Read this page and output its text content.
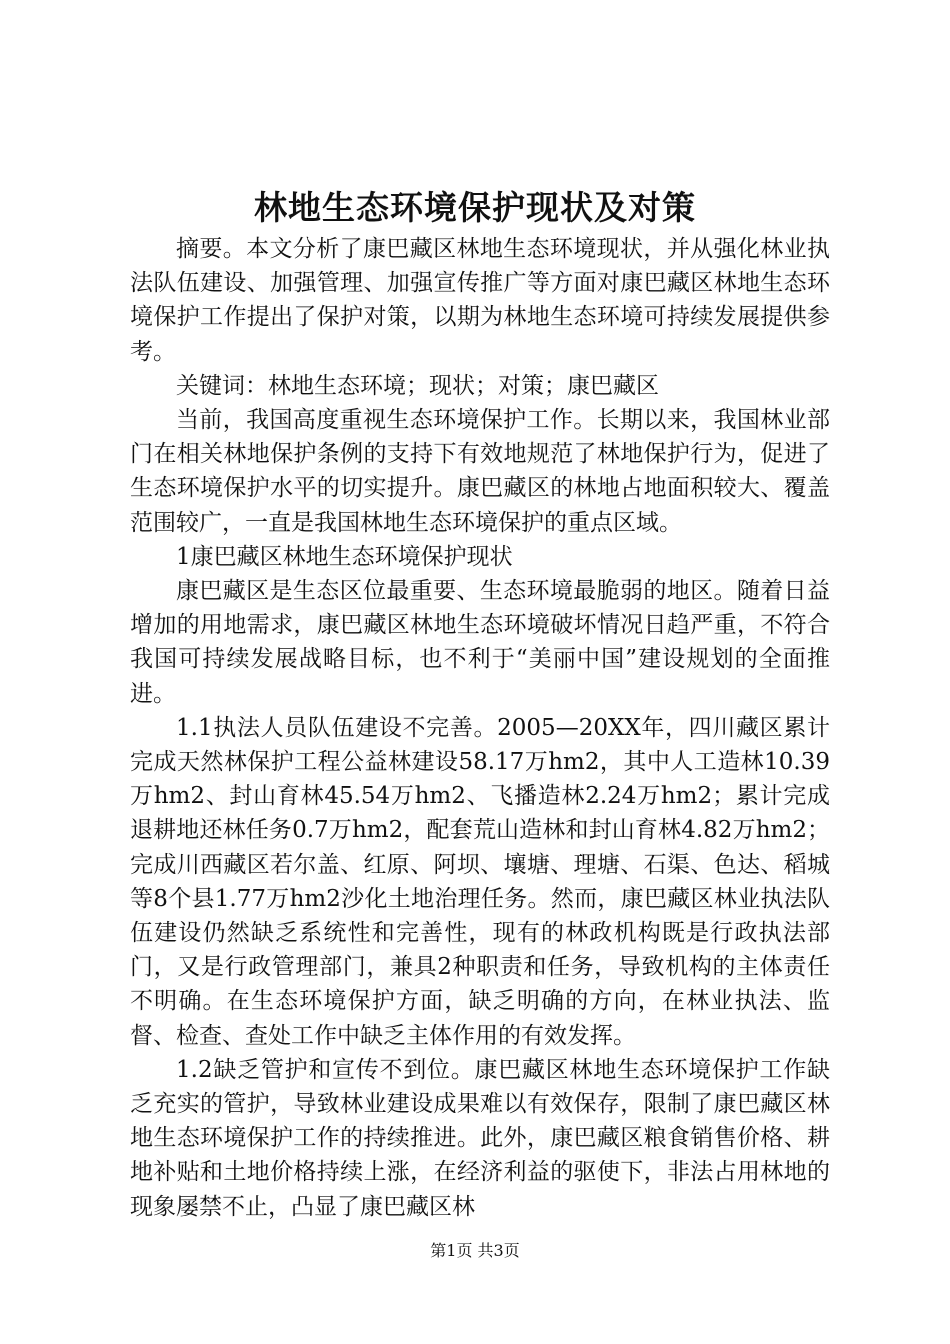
林地生态环境保护现状及对策

摘要。本文分析了康巴藏区林地生态环境现状，并从强化林业执法队伍建设、加强管理、加强宣传推广等方面对康巴藏区林地生态环境保护工作提出了保护对策，以期为林地生态环境可持续发展提供参考。

关键词：林地生态环境；现状；对策；康巴藏区

当前，我国高度重视生态环境保护工作。长期以来，我国林业部门在相关林地保护条例的支持下有效地规范了林地保护行为，促进了生态环境保护水平的切实提升。康巴藏区的林地占地面积较大、覆盖范围较广，一直是我国林地生态环境保护的重点区域。

1康巴藏区林地生态环境保护现状

康巴藏区是生态区位最重要、生态环境最脆弱的地区。随着日益增加的用地需求，康巴藏区林地生态环境破坏情况日趋严重，不符合我国可持续发展战略目标，也不利于“美丽中国”建设规划的全面推进。

1.1执法人员队伍建设不完善。2005—20XX年，四川藏区累计完成天然林保护工程公益林建设58.17万hm2，其中人工造林10.39万hm2、封山育林45.54万hm2、飞播造林2.24万hm2；累计完成退耕地还林任务0.7万hm2，配套荒山造林和封山育林4.82万hm2；完成川西藏区若尔盖、红原、阿坝、壤塘、理塘、石渠、色达、稻城等8个县1.77万hm2沙化土地治理任务。然而，康巴藏区林业执法队伍建设仍然缺乏系统性和完善性，现有的林政机构既是行政执法部门，又是行政管理部门，兼具2种职责和任务，导致机构的主体责任不明确。在生态环境保护方面，缺乏明确的方向，在林业执法、监督、检查、查处工作中缺乏主体作用的有效发挥。

1.2缺乏管护和宣传不到位。康巴藏区林地生态环境保护工作缺乏充实的管护，导致林业建设成果难以有效保存，限制了康巴藏区林地生态环境保护工作的持续推进。此外，康巴藏区粮食销售价格、耕地补贴和土地价格持续上涨，在经济利益的驱使下，非法占用林地的现象屡禁不止，凸显了康巴藏区林

第1页 共3页
